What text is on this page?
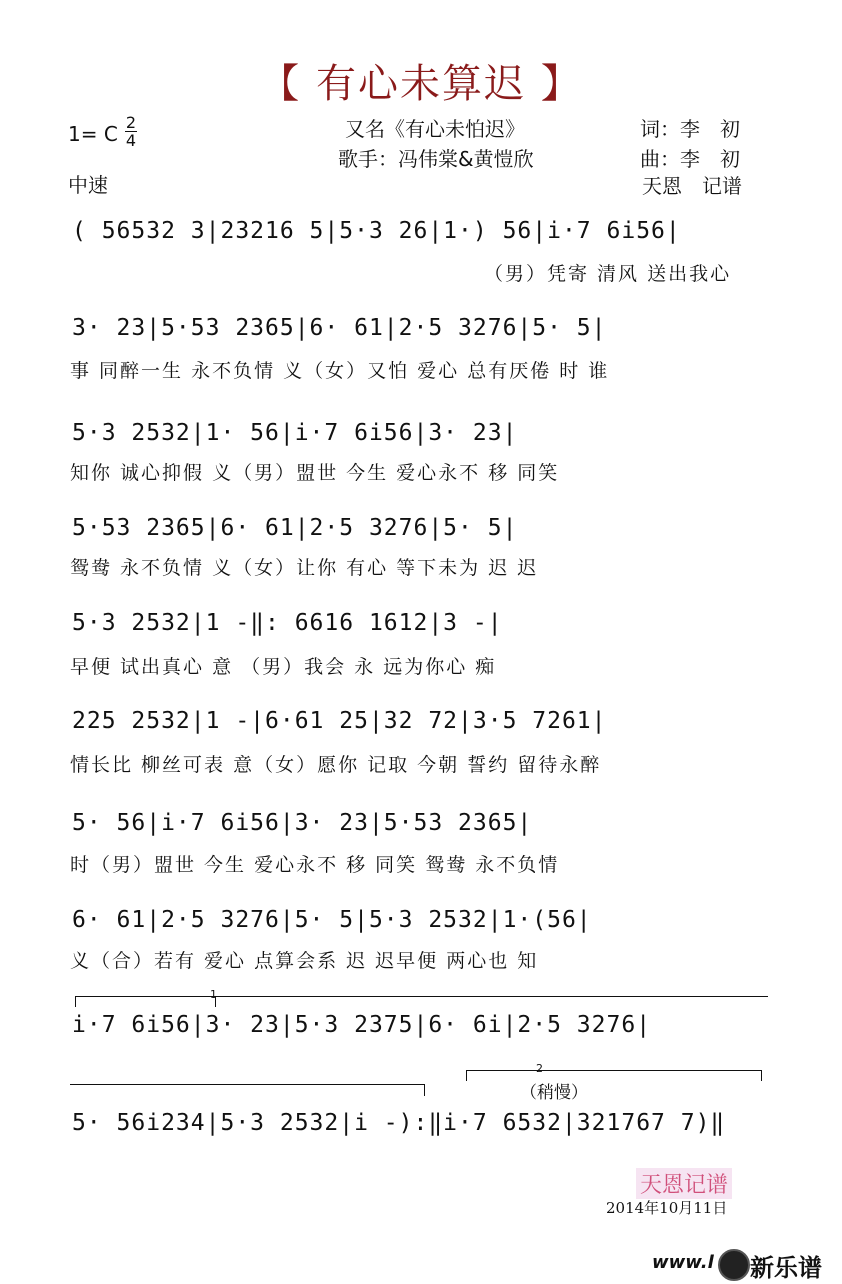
【 有心未算迟 】
1= C 2
4
中速
又名《有心未怕迟》
歌手：冯伟棠&黄愷欣
词：李　初
曲：李　初
天恩　记谱
( 56532 3|23216 5|5·3 26|1·) 56|i·7 6i56|
（男）凭寄 清风 送出我心
3· 23|5·53 2365|6· 61|2·5 3276|5· 5|
事 同醉一生 永不负情 义（女）又怕 爱心 总有厌倦 时 谁
5·3 2532|1· 56|i·7 6i56|3· 23|
知你 诚心抑假 义（男）盟世 今生 爱心永不 移 同笑
5·53 2365|6· 61|2·5 3276|5· 5|
鸳鸯 永不负情 义（女）让你 有心 等下未为 迟 迟
5·3 2532|1 -‖: 6616 1612|3 -|
早便 试出真心 意 （男）我会 永 远为你心 痴
225 2532|1 -|6·61 25|32 72|3·5 7261|
情长比 柳丝可表 意（女）愿你 记取 今朝 誓约 留待永醉
5· 56|i·7 6i56|3· 23|5·53 2365|
时（男）盟世 今生 爱心永不 移 同笑 鸳鸯 永不负情
6· 61|2·5 3276|5· 5|5·3 2532|1·(56|
义（合）若有 爱心 点算会系 迟 迟早便 两心也 知
1
i·7 6i56|3· 23|5·3 2375|6· 6i|2·5 3276|
2
（稍慢）
5· 56i234|5·3 2532|i -):‖i·7 6532|321767 7)‖
天恩记谱
2014年10月11日
www.l 新乐谱
